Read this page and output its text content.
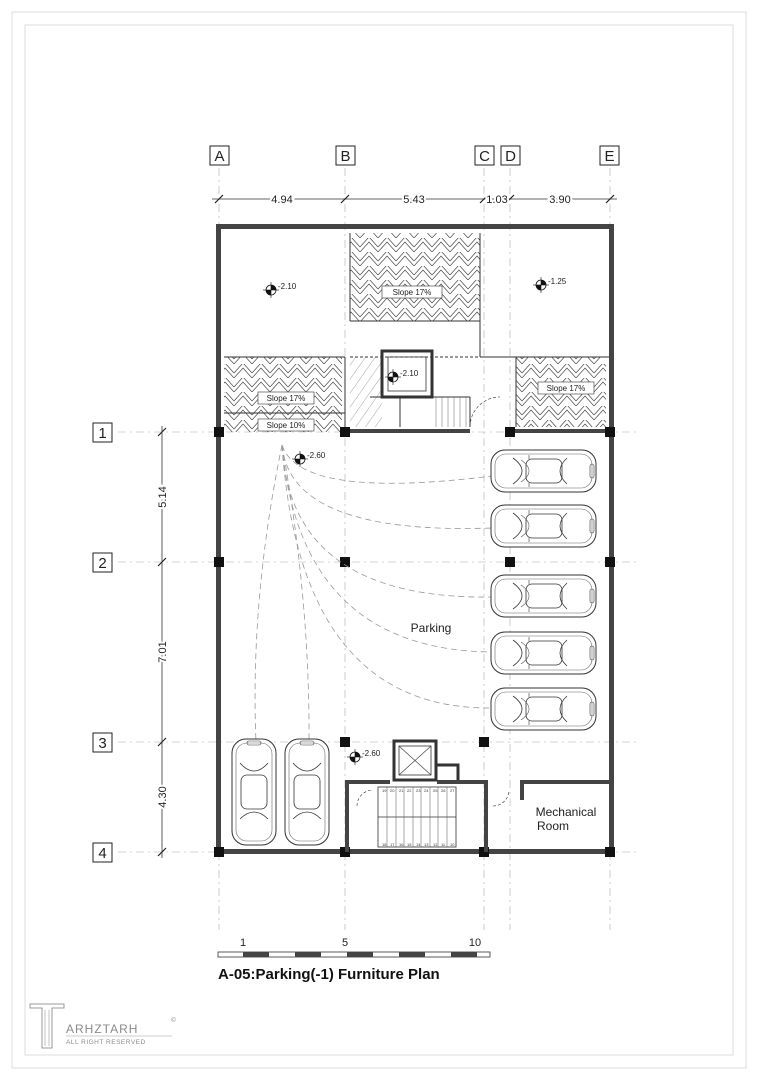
A	B	C D	E
1
2
3
4
4.94	5.43	1.03	3.90
5.14
7.01
4.30	19 20 21 22 23 24 25 26 27
18 17 16 15 14 13 12 11 10
-2.10
-1.25
-2.10
-2.60
-2.60
Slope 17%
Slope 17%
Slope 17%
Slope 10%
Parking
Mechanical
Room
1	5	10
A-05:Parking(-1) Furniture Plan
ARHZTARH
©
ALL RIGHT RESERVED
